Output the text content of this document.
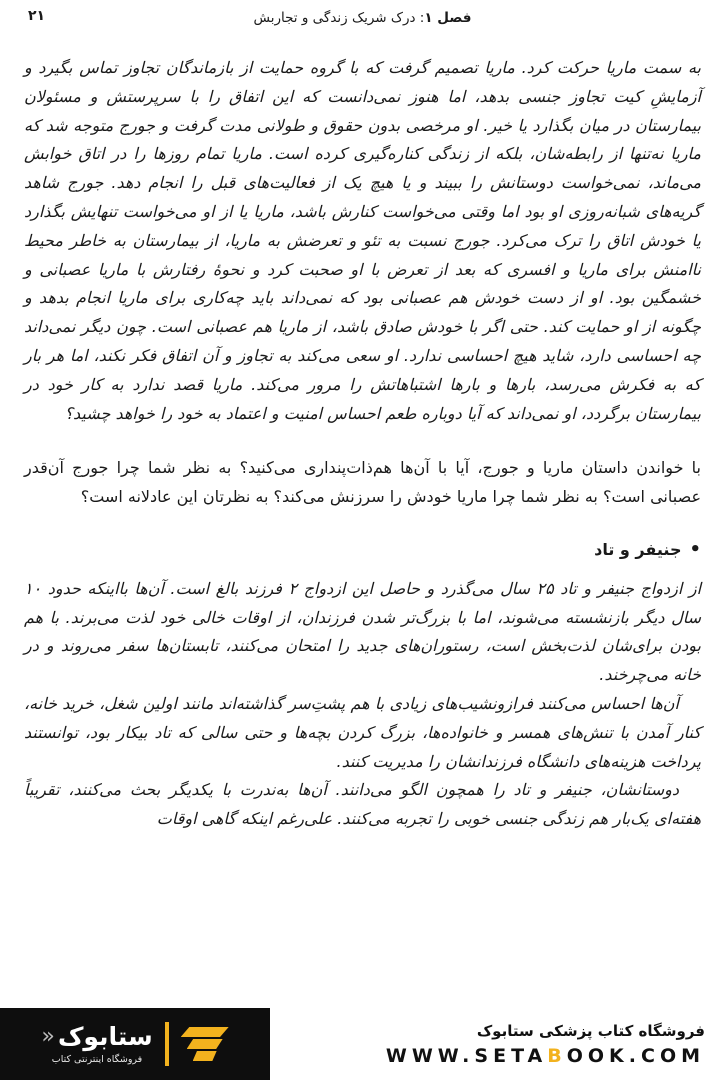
۲۱	فصل ۱: درک شریک زندگی و تجاربش

به سمت ماریا حرکت کرد. ماریا تصمیم گرفت که با گروه حمایت از بازماندگان تجاوز تماس بگیرد و آزمایشِ کیت تجاوز جنسی بدهد، اما هنوز نمی‌دانست که این اتفاق را با سرپرستش و مسئولان بیمارستان در میان بگذارد یا خیر. او مرخصی بدون حقوق و طولانی مدت گرفت و جورج متوجه شد که ماریا نه‌تنها از رابطه‌شان، بلکه از زندگی کناره‌گیری کرده است. ماریا تمام روزها را در اتاق خوابش می‌ماند، نمی‌خواست دوستانش را ببیند و یا هیچ یک از فعالیت‌های قبل را انجام دهد. جورج شاهد گریه‌های شبانه‌روزی او بود اما وقتی می‌خواست کنارش باشد، ماریا یا از او می‌خواست تنهایش بگذارد یا خودش اتاق را ترک می‌کرد. جورج نسبت به تئو و تعرضش به ماریا، از بیمارستان به خاطر محیط ناامنش برای ماریا و افسری که بعد از تعرض با او صحبت کرد و نحوهٔ رفتارش با ماریا عصبانی و خشمگین بود. او از دست خودش هم عصبانی بود که نمی‌داند باید چه‌کاری برای ماریا انجام بدهد و چگونه از او حمایت کند. حتی اگر با خودش صادق باشد، از ماریا هم عصبانی است. چون دیگر نمی‌داند چه احساسی دارد، شاید هیچ احساسی ندارد. او سعی می‌کند به تجاوز و آن اتفاق فکر نکند، اما هر بار که به فکرش می‌رسد، بارها و بارها اشتباهاتش را مرور می‌کند. ماریا قصد ندارد به کار خود در بیمارستان برگردد، او نمی‌داند که آیا دوباره طعم احساس امنیت و اعتماد به خود را خواهد چشید؟

با خواندن داستان ماریا و جورج، آیا با آن‌ها هم‌ذات‌پنداری می‌کنید؟ به نظر شما چرا جورج آن‌قدر عصبانی است؟ به نظر شما چرا ماریا خودش را سرزنش می‌کند؟ به نظرتان این عادلانه است؟

•
جنیفر و تاد

از ازدواج جنیفر و تاد ۲۵ سال می‌گذرد و حاصل این ازدواج ۲ فرزند بالغ است. آن‌ها بااینکه حدود ۱۰ سال دیگر بازنشسته می‌شوند، اما با بزرگ‌تر شدن فرزندان، از اوقات خالی خود لذت می‌برند. با هم بودن برای‌شان لذت‌بخش است، رستوران‌های جدید را امتحان می‌کنند، تابستان‌ها سفر می‌روند و در خانه می‌چرخند.

آن‌ها احساس می‌کنند فرازونشیب‌های زیادی با هم پشتِ‌سر گذاشته‌اند مانند اولین شغل، خرید خانه، کنار آمدن با تنش‌های همسر و خانواده‌ها، بزرگ کردن بچه‌ها و حتی سالی که تاد بیکار بود، توانستند پرداخت هزینه‌های دانشگاه فرزندانشان را مدیریت کنند.

دوستانشان، جنیفر و تاد را همچون الگو می‌دانند. آن‌ها به‌ندرت با یکدیگر بحث می‌کنند، تقریباً هفته‌ای یک‌بار هم زندگی جنسی خوبی را تجربه می‌کنند. علی‌رغم اینکه گاهی اوقات

فروشگاه کتاب پزشکی ستابوک
WWW.SETABOOK.COM
ستابوک
«
فروشگاه اینترنتی کتاب
